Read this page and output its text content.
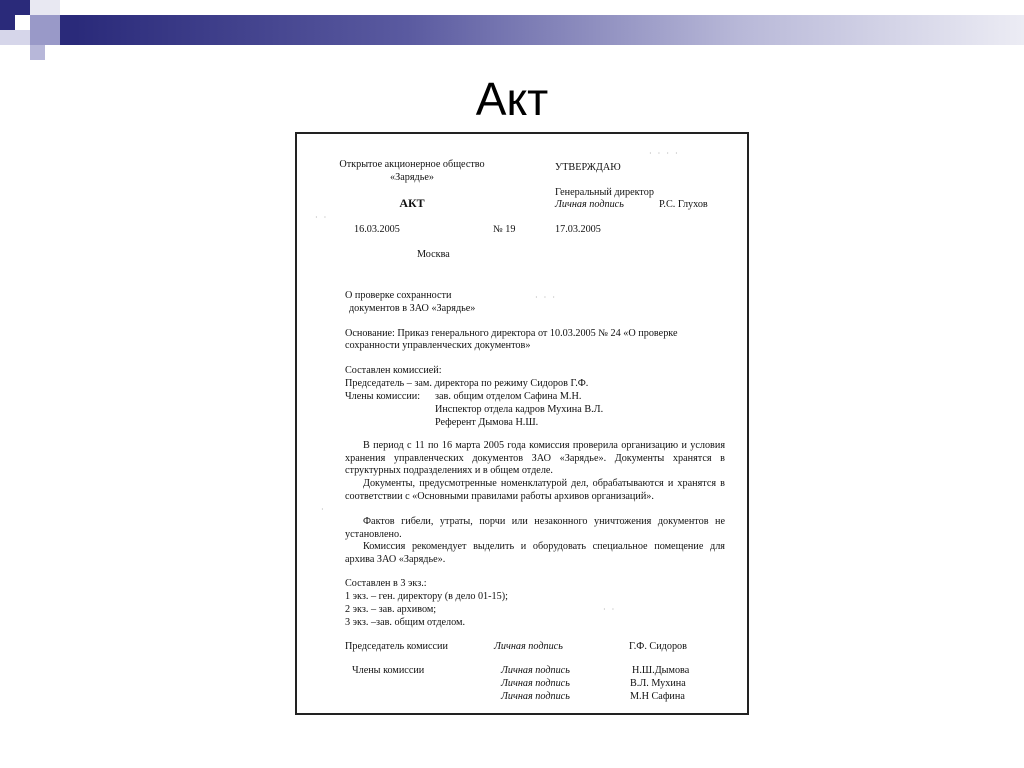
Акт
Открытое акционерное общество
«Зарядье»
АКТ
16.03.2005	№ 19
Москва
УТВЕРЖДАЮ
Генеральный директор
Личная подпись	Р.С. Глухов
17.03.2005
О проверке сохранности
документов в ЗАО «Зарядье»
Основание: Приказ генерального директора от 10.03.2005 № 24 «О проверке
сохранности управленческих документов»
Составлен комиссией:
Председатель – зам. директора по режиму Сидоров Г.Ф.
Члены комиссии: зав. общим отделом Сафина М.Н.
Инспектор отдела кадров Мухина В.Л.
Референт Дымова Н.Ш.
В период с 11 по 16 марта 2005 года комиссия проверила организацию и условия хранения управленческих документов ЗАО «Зарядье». Документы хранятся в структурных подразделениях и в общем отделе.
Документы, предусмотренные номенклатурой дел, обрабатываются и хранятся в соответствии с «Основными правилами работы архивов организаций».
Фактов гибели, утраты, порчи или незаконного уничтожения документов не установлено.
Комиссия рекомендует выделить и оборудовать специальное помещение для архива ЗАО «Зарядье».
Составлен в 3 экз.:
1 экз. – ген. директору (в дело 01-15);
2 экз. – зав. архивом;
3 экз. –зав. общим отделом.
Председатель комиссии	Личная подпись	Г.Ф. Сидоров
Члены комиссии	Личная подпись	Н.Ш.Дымова
Личная подпись	В.Л. Мухина
Личная подпись	М.Н Сафина
· · · ·
· ·
· · ·
· ·
·
